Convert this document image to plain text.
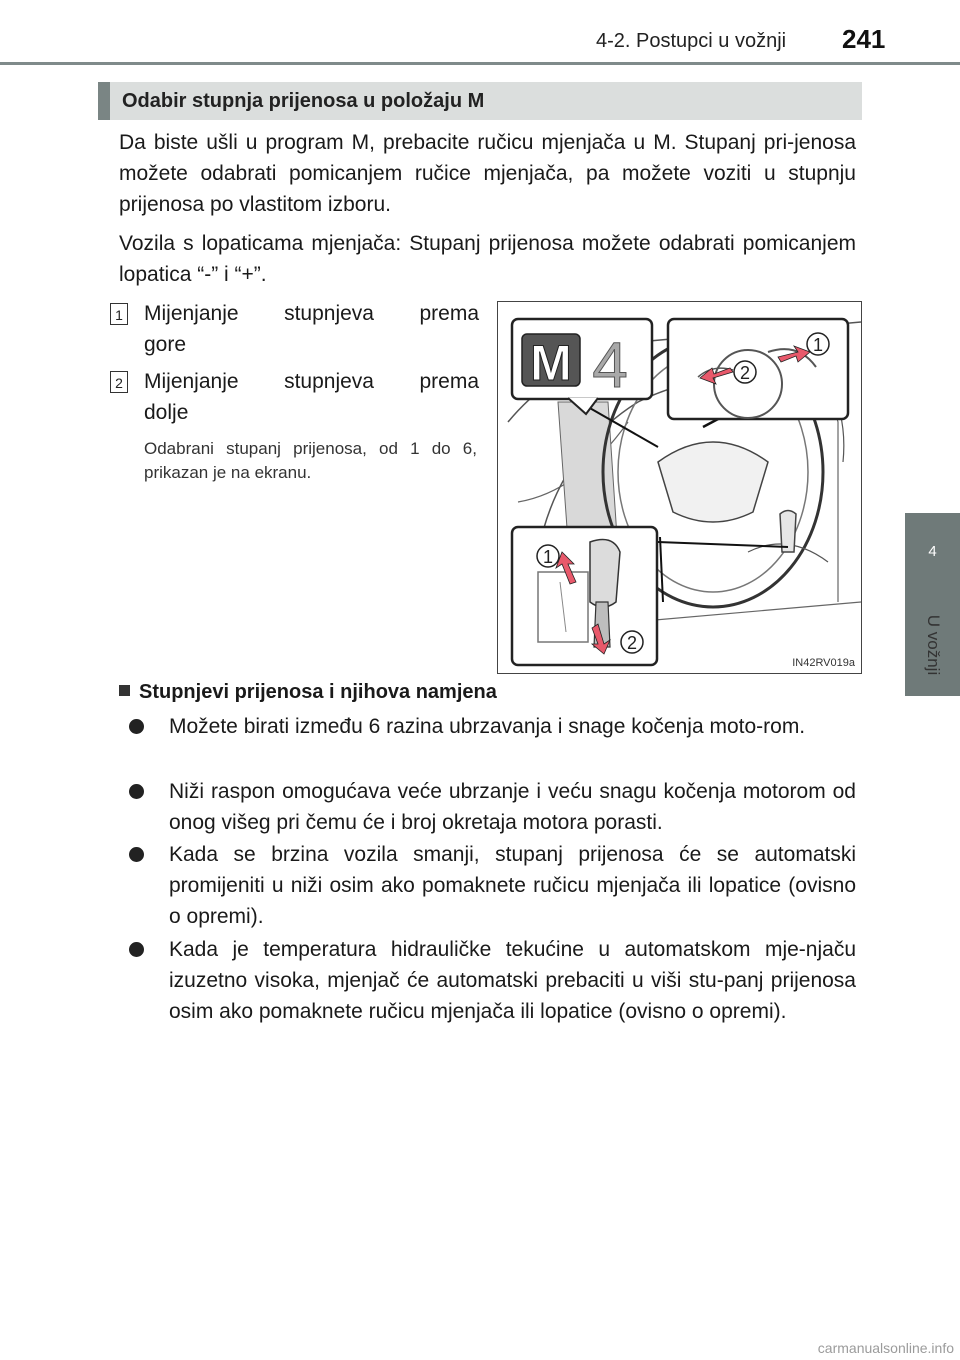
4-2. Postupci u vožnji 241
4
U vožnji
Odabir stupnja prijenosa u položaju M
Da biste ušli u program M, prebacite ručicu mjenjača u M. Stupanj pri-jenosa možete odabrati pomicanjem ručice mjenjača, pa možete voziti u stupnju prijenosa po vlastitom izboru.
Vozila s lopaticama mjenjača: Stupanj prijenosa možete odabrati pomicanjem lopatica “-” i “+”.
1 Mijenjanje stupnjeva prema
gore
2 Mijenjanje stupnjeva prema
dolje
Odabrani stupanj prijenosa, od 1 do 6, prikazan je na ekranu.
M 4	1
2
1
2
IN42RV019a
Stupnjevi prijenosa i njihova namjena
Možete birati između 6 razina ubrzavanja i snage kočenja moto-rom.
Niži raspon omogućava veće ubrzanje i veću snagu kočenja motorom od onog višeg pri čemu će i broj okretaja motora porasti.
Kada se brzina vozila smanji, stupanj prijenosa će se automatski promijeniti u niži osim ako pomaknete ručicu mjenjača ili lopatice (ovisno o opremi).
Kada je temperatura hidrauličke tekućine u automatskom mje-njaču izuzetno visoka, mjenjač će automatski prebaciti u viši stu-panj prijenosa osim ako pomaknete ručicu mjenjača ili lopatice (ovisno o opremi).
carmanualsonline.info
